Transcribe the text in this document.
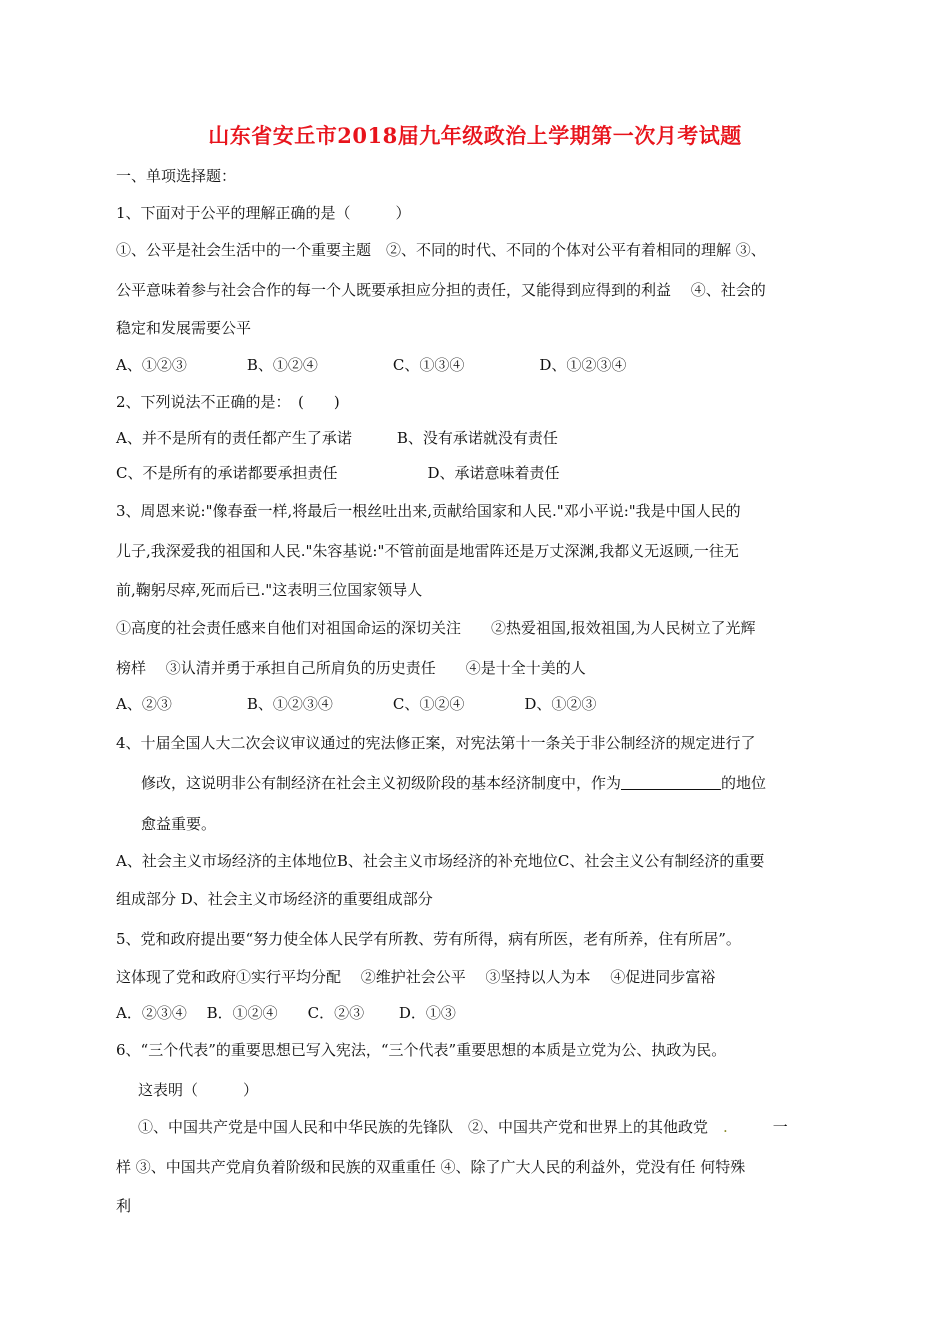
山东省安丘市2018届九年级政治上学期第一次月考试题
一、单项选择题：
1、下面对于公平的理解正确的是（　　　）
①、公平是社会生活中的一个重要主题　②、不同的时代、不同的个体对公平有着相同的理解 ③、
公平意味着参与社会合作的每一个人既要承担应分担的责任，又能得到应得到的利益　 ④、社会的
稳定和发展需要公平
A、①②③　　　　B、①②④　　　　　C、①③④　　　　　D、①②③④
2、下列说法不正确的是：　(　　)
A、并不是所有的责任都产生了承诺　　　B、没有承诺就没有责任
C、不是所有的承诺都要承担责任　　　　　　D、承诺意味着责任
3、周恩来说:"像春蚕一样,将最后一根丝吐出来,贡献给国家和人民."邓小平说:"我是中国人民的
儿子,我深爱我的祖国和人民."朱容基说:"不管前面是地雷阵还是万丈深渊,我都义无返顾,一往无
前,鞠躬尽瘁,死而后已."这表明三位国家领导人
①高度的社会责任感来自他们对祖国命运的深切关注　　②热爱祖国,报效祖国,为人民树立了光辉
榜样　 ③认清并勇于承担自己所肩负的历史责任　　④是十全十美的人
A、②③　　　　　B、①②③④　　　　C、①②④　　　　D、①②③
4、十届全国人大二次会议审议通过的宪法修正案，对宪法第十一条关于非公制经济的规定进行了
修改，这说明非公有制经济在社会主义初级阶段的基本经济制度中，作为	的地位
愈益重要。
A、社会主义市场经济的主体地位B、社会主义市场经济的补充地位C、社会主义公有制经济的重要
组成部分 D、社会主义市场经济的重要组成部分
5、党和政府提出要“努力使全体人民学有所教、劳有所得，病有所医，老有所养，住有所居”。
这体现了党和政府①实行平均分配　 ②维护社会公平　 ③坚持以人为本　 ④促进同步富裕
A．②③④　 B．①②④　　C．②③　　 D．①③
6、“三个代表”的重要思想已写入宪法，“三个代表”重要思想的本质是立党为公、执政为民。
这表明（　　　）
①、中国共产党是中国人民和中华民族的先锋队　②、中国共产党和世界上的其他政党　.　　　一
样 ③、中国共产党肩负着阶级和民族的双重重任 ④、除了广大人民的利益外，党没有任 何特殊
利
